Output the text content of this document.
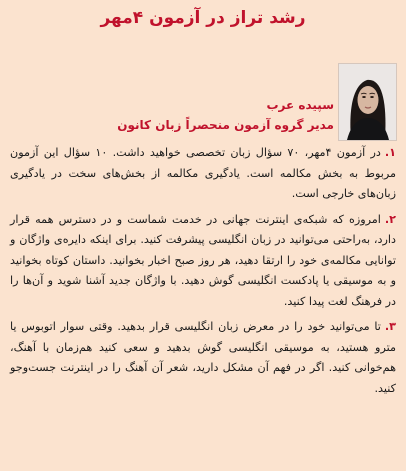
رشد تراز در آزمون ۴مهر
سپیده عرب
مدیر گروه آزمون منحصراً زبان کانون

۱.در آزمون ۴مهر، ۷۰ سؤال زبان تخصصی خواهید داشت. ۱۰ سؤال این آزمون مربوط به بخش مکالمه است. یادگیری مکالمه از بخش‌های سخت در یادگیری زبان‌های خارجی است.

۲.امروزه که شبکه‌ی اینترنت جهانی در خدمت شماست و در دسترس همه قرار دارد، به‌راحتی می‌توانید در زبان انگلیسی پیشرفت کنید. برای اینکه دایره‌ی واژگان و توانایی مکالمه‌ی خود را ارتقا دهید، هر روز صبح اخبار بخوانید. داستان کوتاه بخوانید و به موسیقی یا پادکست انگلیسی گوش دهید. با واژگان جدید آشنا شوید و آن‌ها را در فرهنگ لغت پیدا کنید.

۳.تا می‌توانید خود را در معرض زبان انگلیسی قرار بدهید. وقتی سوار اتوبوس یا مترو هستید، به موسیقی انگلیسی گوش بدهید و سعی کنید هم‌زمان با آهنگ، هم‌خوانی کنید. اگر در فهم آن مشکل دارید، شعر آن آهنگ را در اینترنت جست‌وجو کنید.
